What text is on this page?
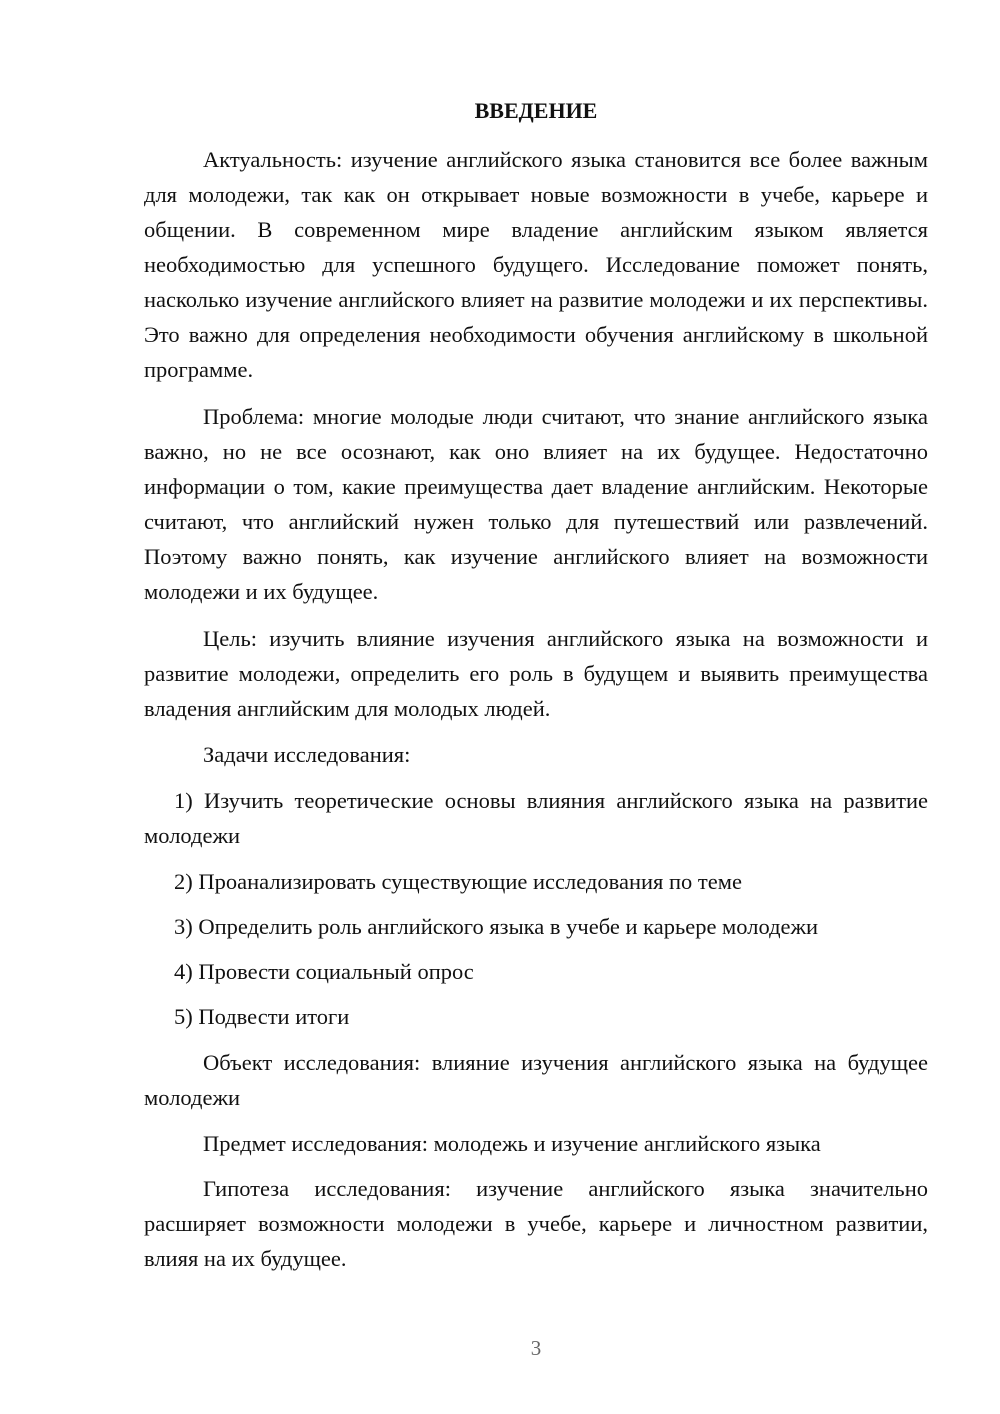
ВВЕДЕНИЕ

Актуальность: изучение английского языка становится все более важным для молодежи, так как он открывает новые возможности в учебе, карьере и общении. В современном мире владение английским языком является необходимостью для успешного будущего. Исследование поможет понять, насколько изучение английского влияет на развитие молодежи и их перспективы. Это важно для определения необходимости обучения английскому в школьной программе.

Проблема: многие молодые люди считают, что знание английского языка важно, но не все осознают, как оно влияет на их будущее. Недостаточно информации о том, какие преимущества дает владение английским. Некоторые считают, что английский нужен только для путешествий или развлечений. Поэтому важно понять, как изучение английского влияет на возможности молодежи и их будущее.

Цель: изучить влияние изучения английского языка на возможности и развитие молодежи, определить его роль в будущем и выявить преимущества владения английским для молодых людей.

Задачи исследования:

1) Изучить теоретические основы влияния английского языка на развитие молодежи

2) Проанализировать существующие исследования по теме

3) Определить роль английского языка в учебе и карьере молодежи

4) Провести социальный опрос

5) Подвести итоги

Объект исследования: влияние изучения английского языка на будущее молодежи

Предмет исследования: молодежь и изучение английского языка

Гипотеза исследования: изучение английского языка значительно расширяет возможности молодежи в учебе, карьере и личностном развитии, влияя на их будущее.

3
